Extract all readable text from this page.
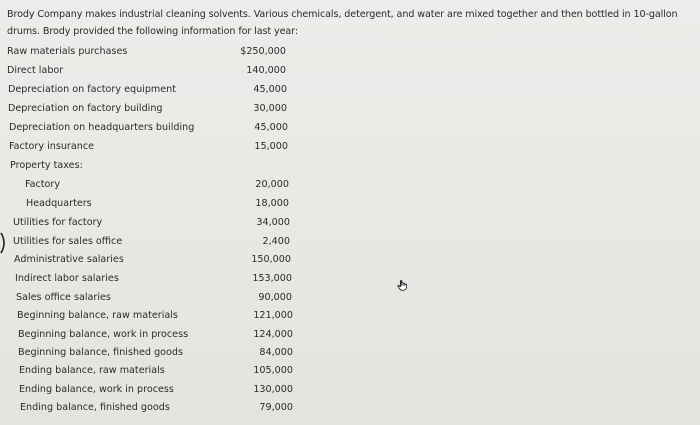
Brody Company makes industrial cleaning solvents. Various chemicals, detergent, and water are mixed together and then bottled in 10-gallon
drums. Brody provided the following information for last year:
Raw materials purchases	$250,000
Direct labor	140,000
Depreciation on factory equipment	45,000
Depreciation on factory building	30,000
Depreciation on headquarters building	45,000
Factory insurance	15,000
Property taxes:
Factory	20,000
Headquarters	18,000
Utilities for factory	34,000
Utilities for sales office	2,400
Administrative salaries	150,000
Indirect labor salaries	153,000
Sales office salaries	90,000
Beginning balance, raw materials	121,000
Beginning balance, work in process	124,000
Beginning balance, finished goods	84,000
Ending balance, raw materials	105,000
Ending balance, work in process	130,000
Ending balance, finished goods	79,000
